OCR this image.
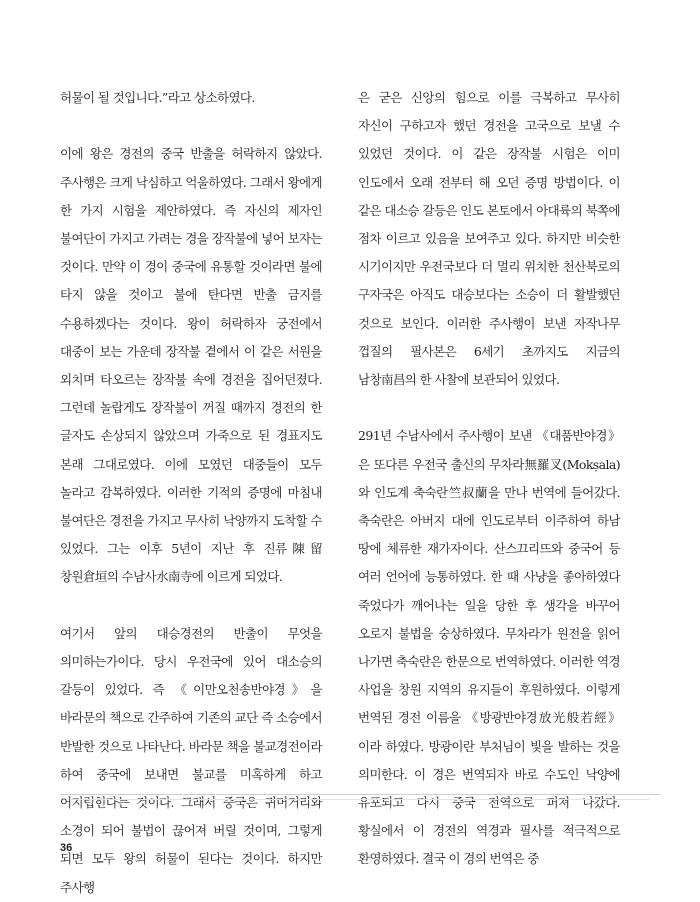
허물이 될 것입니다.”라고 상소하였다.

이에 왕은 경전의 중국 반출을 허락하지 않았다. 주사행은 크게 낙심하고 억울하였다. 그래서 왕에게 한 가지 시험을 제안하였다. 즉 자신의 제자인 불여단이 가지고 가려는 경을 장작불에 넣어 보자는 것이다. 만약 이 경이 중국에 유통할 것이라면 불에 타지 않을 것이고 불에 탄다면 반출 금지를 수용하겠다는 것이다. 왕이 허락하자 궁전에서 대중이 보는 가운데 장작불 곁에서 이 같은 서원을 외치며 타오르는 장작불 속에 경전을 집어던졌다. 그런데 놀랍게도 장작불이 꺼질 때까지 경전의 한 글자도 손상되지 않았으며 가죽으로 된 경표지도 본래 그대로였다. 이에 모였던 대중들이 모두 놀라고 감복하였다. 이러한 기적의 증명에 마침내 불여단은 경전을 가지고 무사히 낙양까지 도착할 수 있었다. 그는 이후 5년이 지난 후 진류陳留 창원倉垣의 수남사水南寺에 이르게 되었다.

여기서 앞의 대승경전의 반출이 무엇을 의미하는가이다. 당시 우전국에 있어 대소승의 갈등이 있었다. 즉 《이만오천송반야경》을 바라문의 책으로 간주하여 기존의 교단 즉 소승에서 반발한 것으로 나타난다. 바라문 책을 불교경전이라 하여 중국에 보내면 불교를 미혹하게 하고 어지럽힌다는 것이다. 그래서 중국은 귀머거리와 소경이 되어 불법이 끊어져 버릴 것이며, 그렇게 되면 모두 왕의 허물이 된다는 것이다. 하지만 주사행

은 굳은 신앙의 힘으로 이를 극복하고 무사히 자신이 구하고자 했던 경전을 고국으로 보낼 수 있었던 것이다. 이 같은 장작불 시험은 이미 인도에서 오래 전부터 해 오던 증명 방법이다. 이 같은 대소승 갈등은 인도 본토에서 아대륙의 북쪽에 점차 이르고 있음을 보여주고 있다. 하지만 비슷한 시기이지만 우전국보다 더 멀리 위치한 천산북로의 구자국은 아직도 대승보다는 소승이 더 활발했던 것으로 보인다. 이러한 주사행이 보낸 자작나무 껍질의 필사본은 6세기 초까지도 지금의 남창南昌의 한 사찰에 보관되어 있었다.

291년 수남사에서 주사행이 보낸 《대품반야경》은 또다른 우전국 출신의 무차라無羅叉(Mokṣala)와 인도계 축숙란竺叔蘭을 만나 번역에 들어갔다. 축숙란은 아버지 대에 인도로부터 이주하여 하남 땅에 체류한 재가자이다. 산스끄리뜨와 중국어 등 여러 언어에 능통하였다. 한 때 사냥을 좋아하였다 죽었다가 깨어나는 일을 당한 후 생각을 바꾸어 오로지 불법을 숭상하였다. 무차라가 원전을 읽어 나가면 축숙란은 한문으로 번역하였다. 이러한 역경 사업을 창원 지역의 유지들이 후원하였다. 이렇게 번역된 경전 이름을 《방광반야경放光般若經》이라 하였다. 방광이란 부처님이 빛을 발하는 것을 의미한다. 이 경은 번역되자 바로 수도인 낙양에 유포되고 다시 중국 전역으로 퍼져 나갔다. 황실에서 이 경전의 역경과 필사를 적극적으로 환영하였다. 결국 이 경의 번역은 중

36
